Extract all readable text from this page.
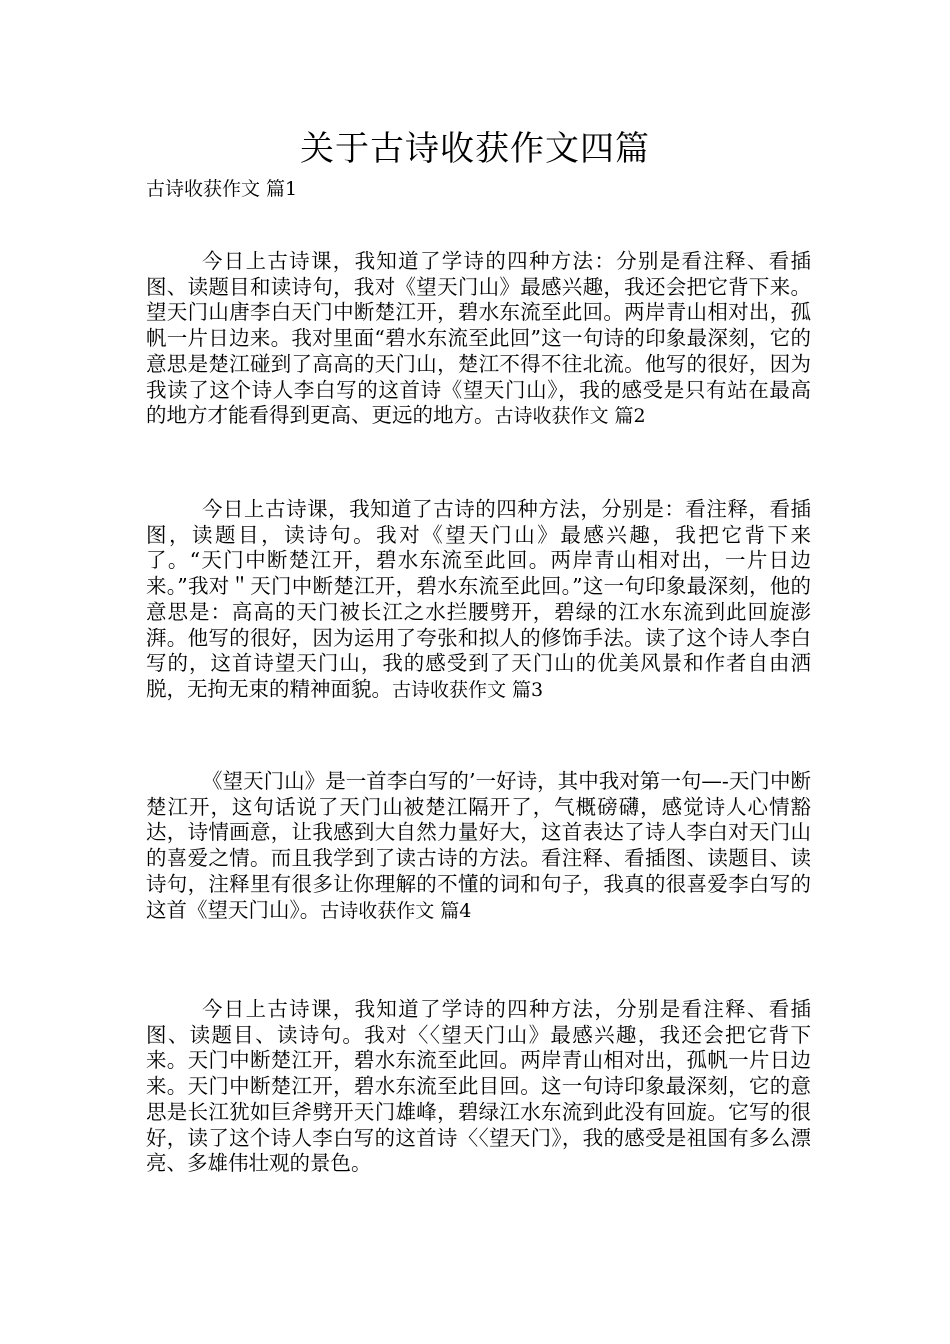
关于古诗收获作文四篇
古诗收获作文 篇1

今日上古诗课，我知道了学诗的四种方法：分别是看注释、看插图、读题目和读诗句，我对《望天门山》最感兴趣，我还会把它背下来。望天门山唐李白天门中断楚江开，碧水东流至此回。两岸青山相对出，孤帆一片日边来。我对里面“碧水东流至此回”这一句诗的印象最深刻，它的意思是楚江碰到了高高的天门山，楚江不得不往北流。他写的很好，因为我读了这个诗人李白写的这首诗《望天门山》，我的感受是只有站在最高的地方才能看得到更高、更远的地方。古诗收获作文 篇2

今日上古诗课，我知道了古诗的四种方法，分别是：看注释，看插图，读题目，读诗句。我对《望天门山》最感兴趣，我把它背下来了。“天门中断楚江开，碧水东流至此回。两岸青山相对出，一片日边来。”我对＂天门中断楚江开，碧水东流至此回。”这一句印象最深刻，他的意思是：高高的天门被长江之水拦腰劈开，碧绿的江水东流到此回旋澎湃。他写的很好，因为运用了夸张和拟人的修饰手法。读了这个诗人李白写的，这首诗望天门山，我的感受到了天门山的优美风景和作者自由洒脱，无拘无束的精神面貌。古诗收获作文 篇3

《望天门山》是一首李白写的’一好诗，其中我对第一句—-天门中断楚江开，这句话说了天门山被楚江隔开了，气概磅礴，感觉诗人心情豁达，诗情画意，让我感到大自然力量好大，这首表达了诗人李白对天门山的喜爱之情。而且我学到了读古诗的方法。看注释、看插图、读题目、读诗句，注释里有很多让你理解的不懂的词和句子，我真的很喜爱李白写的这首《望天门山》。古诗收获作文 篇4

今日上古诗课，我知道了学诗的四种方法，分别是看注释、看插图、读题目、读诗句。我对〈〈望天门山》最感兴趣，我还会把它背下来。天门中断楚江开，碧水东流至此回。两岸青山相对出，孤帆一片日边来。天门中断楚江开，碧水东流至此目回。这一句诗印象最深刻，它的意思是长江犹如巨斧劈开天门雄峰，碧绿江水东流到此没有回旋。它写的很好，读了这个诗人李白写的这首诗〈〈望天门》，我的感受是祖国有多么漂亮、多雄伟壮观的景色。
